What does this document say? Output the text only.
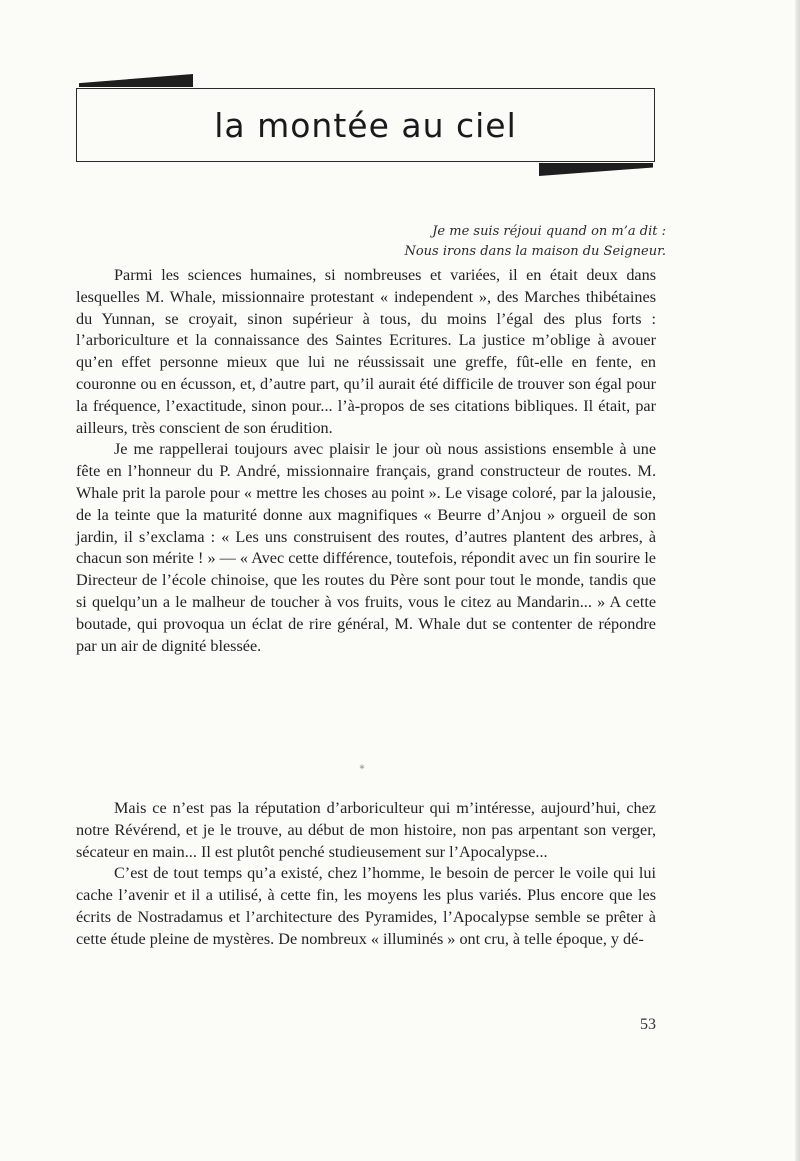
la montée au ciel
Je me suis réjoui quand on m’a dit :
Nous irons dans la maison du Seigneur.

Parmi les sciences humaines, si nombreuses et variées, il en était deux dans lesquelles M. Whale, missionnaire protestant « independent », des Marches thibétaines du Yunnan, se croyait, sinon supérieur à tous, du moins l’égal des plus forts : l’arboriculture et la connaissance des Saintes Ecritures. La justice m’oblige à avouer qu’en effet personne mieux que lui ne réussissait une greffe, fût-elle en fente, en couronne ou en écusson, et, d’autre part, qu’il aurait été difficile de trouver son égal pour la fréquence, l’exactitude, sinon pour... l’à-propos de ses citations bibliques. Il était, par ailleurs, très conscient de son érudition.

Je me rappellerai toujours avec plaisir le jour où nous assistions ensemble à une fête en l’honneur du P. André, missionnaire français, grand constructeur de routes. M. Whale prit la parole pour « mettre les choses au point ». Le visage coloré, par la jalousie, de la teinte que la maturité donne aux magnifiques « Beurre d’Anjou » orgueil de son jardin, il s’exclama : « Les uns construisent des routes, d’autres plantent des arbres, à chacun son mérite ! » — « Avec cette différence, toutefois, répondit avec un fin sourire le Directeur de l’école chinoise, que les routes du Père sont pour tout le monde, tandis que si quelqu’un a le malheur de toucher à vos fruits, vous le citez au Mandarin... » A cette boutade, qui provoqua un éclat de rire général, M. Whale dut se contenter de répondre par un air de dignité blessée.

*

Mais ce n’est pas la réputation d’arboriculteur qui m’intéresse, aujourd’hui, chez notre Révérend, et je le trouve, au début de mon histoire, non pas arpentant son verger, sécateur en main... Il est plutôt penché studieusement sur l’Apocalypse...

C’est de tout temps qu’a existé, chez l’homme, le besoin de percer le voile qui lui cache l’avenir et il a utilisé, à cette fin, les moyens les plus variés. Plus encore que les écrits de Nostradamus et l’architecture des Pyramides, l’Apocalypse semble se prêter à cette étude pleine de mystères. De nombreux « illuminés » ont cru, à telle époque, y dé-

53
